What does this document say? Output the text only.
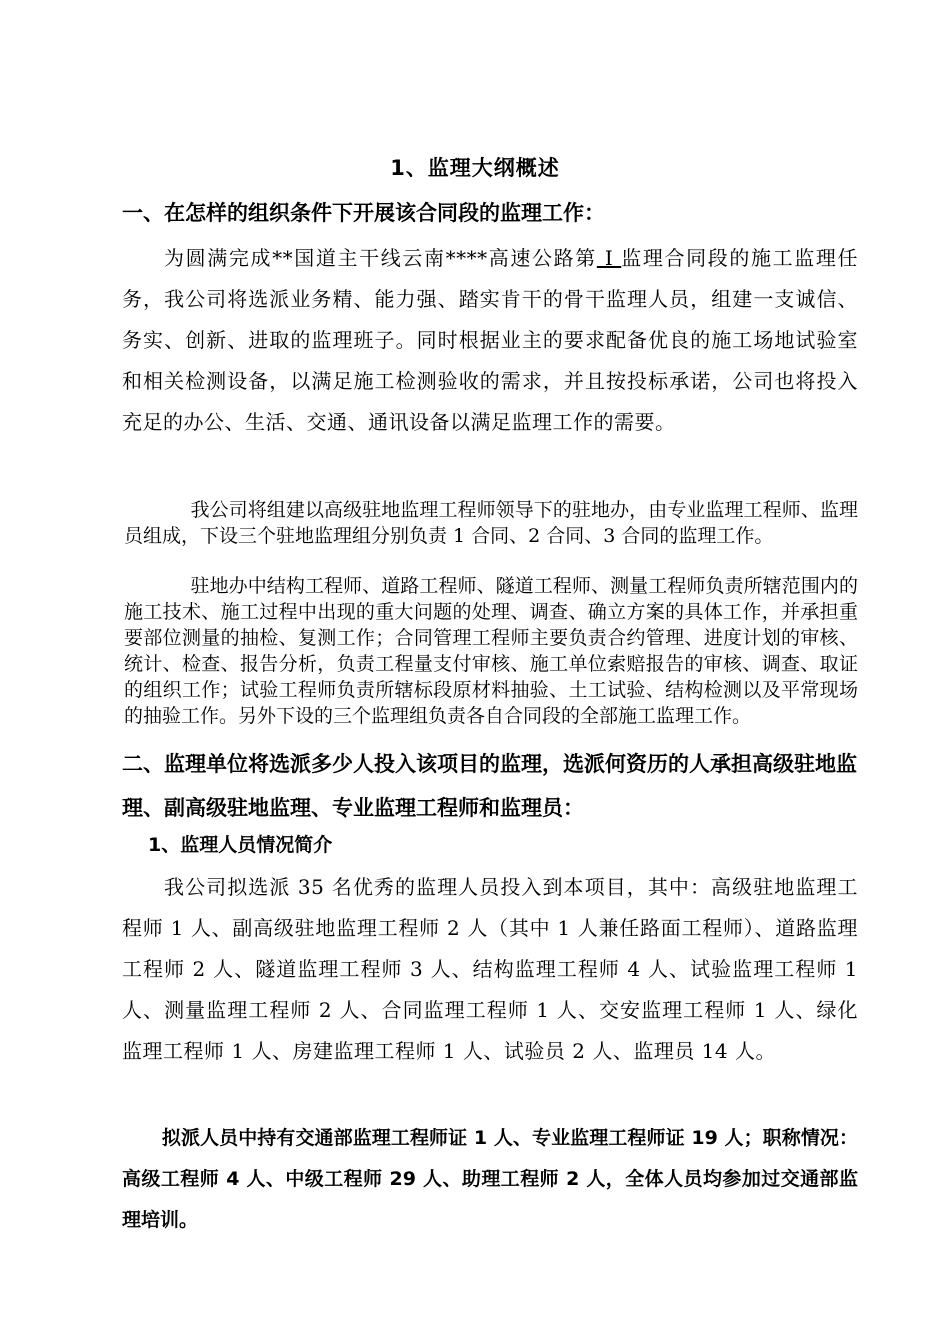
1、监理大纲概述
一、在怎样的组织条件下开展该合同段的监理工作：

为圆满完成**国道主干线云南****高速公路第 I 监理合同段的施工监理任务，我公司将选派业务精、能力强、踏实肯干的骨干监理人员，组建一支诚信、务实、创新、进取的监理班子。同时根据业主的要求配备优良的施工场地试验室和相关检测设备，以满足施工检测验收的需求，并且按投标承诺，公司也将投入充足的办公、生活、交通、通讯设备以满足监理工作的需要。

我公司将组建以高级驻地监理工程师领导下的驻地办，由专业监理工程师、监理员组成，下设三个驻地监理组分别负责 1 合同、2 合同、3 合同的监理工作。

驻地办中结构工程师、道路工程师、隧道工程师、测量工程师负责所辖范围内的施工技术、施工过程中出现的重大问题的处理、调查、确立方案的具体工作，并承担重要部位测量的抽检、复测工作；合同管理工程师主要负责合约管理、进度计划的审核、统计、检查、报告分析，负责工程量支付审核、施工单位索赔报告的审核、调查、取证的组织工作；试验工程师负责所辖标段原材料抽验、土工试验、结构检测以及平常现场的抽验工作。另外下设的三个监理组负责各自合同段的全部施工监理工作。

二、监理单位将选派多少人投入该项目的监理，选派何资历的人承担高级驻地监理、副高级驻地监理、专业监理工程师和监理员：
1、监理人员情况简介

我公司拟选派 35 名优秀的监理人员投入到本项目，其中：高级驻地监理工程师 1 人、副高级驻地监理工程师 2 人（其中 1 人兼任路面工程师）、道路监理工程师 2 人、隧道监理工程师 3 人、结构监理工程师 4 人、试验监理工程师 1 人、测量监理工程师 2 人、合同监理工程师 1 人、交安监理工程师 1 人、绿化监理工程师 1 人、房建监理工程师 1 人、试验员 2 人、监理员 14 人。

拟派人员中持有交通部监理工程师证 1 人、专业监理工程师证 19 人；职称情况：高级工程师 4 人、中级工程师 29 人、助理工程师 2 人，全体人员均参加过交通部监理培训。
